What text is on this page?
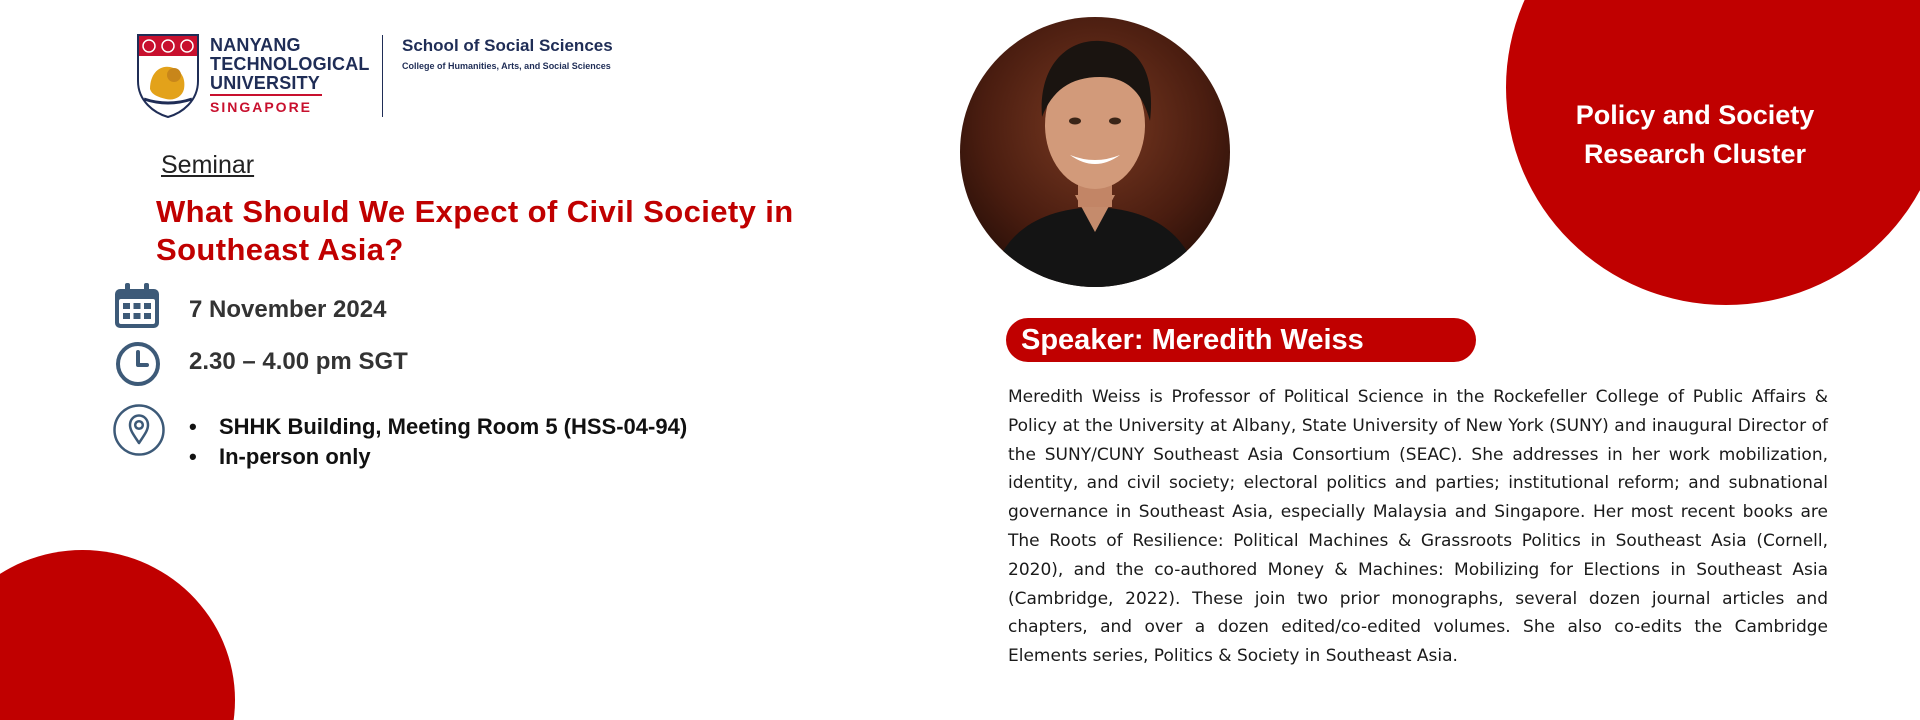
Policy and Society
Research Cluster
NANYANG
TECHNOLOGICAL
UNIVERSITY
SINGAPORE
School of Social Sciences
College of Humanities, Arts, and Social Sciences
Seminar
What Should We Expect of Civil Society in Southeast Asia?
7 November 2024
2.30 – 4.00 pm SGT
• SHHK Building, Meeting Room 5 (HSS-04-94)
• In-person only
Speaker: Meredith Weiss

Meredith Weiss is Professor of Political Science in the Rockefeller College of Public Affairs & Policy at the University at Albany, State University of New York (SUNY) and inaugural Director of the SUNY/CUNY Southeast Asia Consortium (SEAC). She addresses in her work mobilization, identity, and civil society; electoral politics and parties; institutional reform; and subnational governance in Southeast Asia, especially Malaysia and Singapore. Her most recent books are The Roots of Resilience: Political Machines & Grassroots Politics in Southeast Asia (Cornell, 2020), and the co-authored Money & Machines: Mobilizing for Elections in Southeast Asia (Cambridge, 2022). These join two prior monographs, several dozen journal articles and chapters, and over a dozen edited/co-edited volumes. She also co-edits the Cambridge Elements series, Politics & Society in Southeast Asia.
